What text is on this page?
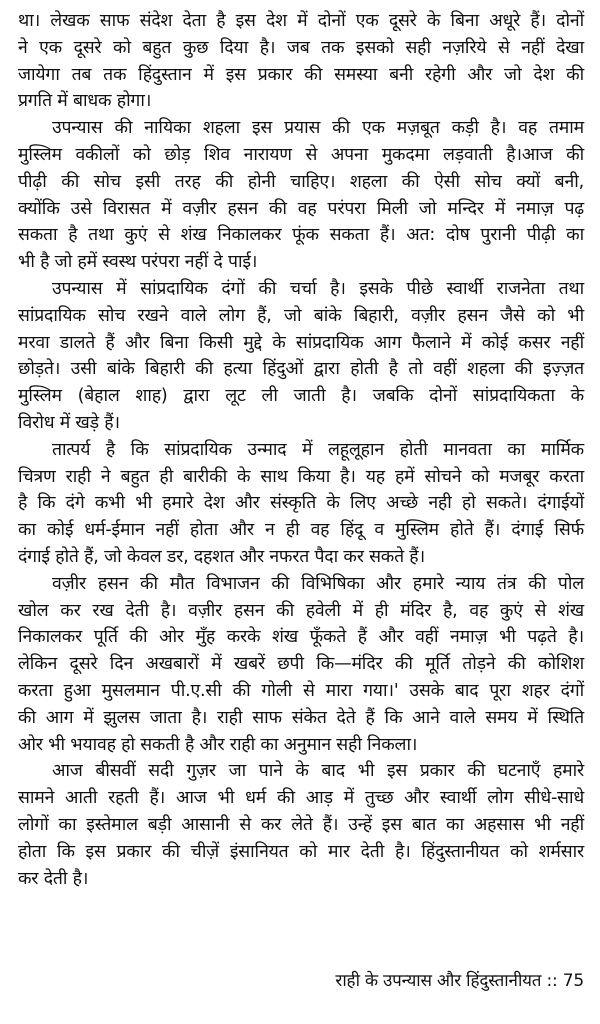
था। लेखक साफ संदेश देता है इस देश में दोनों एक दूसरे के बिना अधूरे हैं। दोनों
ने एक दूसरे को बहुत कुछ दिया है। जब तक इसको सही नज़रिये से नहीं देखा
जायेगा तब तक हिंदुस्तान में इस प्रकार की समस्या बनी रहेगी और जो देश की
प्रगति में बाधक होगा।
उपन्यास की नायिका शहला इस प्रयास की एक मज़बूत कड़ी है। वह तमाम
मुस्लिम वकीलों को छोड़ शिव नारायण से अपना मुकदमा लड़वाती है।आज की
पीढ़ी की सोच इसी तरह की होनी चाहिए। शहला की ऐसी सोच क्यों बनी,
क्योंकि उसे विरासत में वज़ीर हसन की वह परंपरा मिली जो मन्दिर में नमाज़ पढ़
सकता है तथा कुएं से शंख निकालकर फूंक सकता हैं। अत: दोष पुरानी पीढ़ी का
भी है जो हमें स्वस्थ परंपरा नहीं दे पाई।
उपन्यास में सांप्रदायिक दंगों की चर्चा है। इसके पीछे स्वार्थी राजनेता तथा
सांप्रदायिक सोच रखने वाले लोग हैं, जो बांके बिहारी, वज़ीर हसन जैसे को भी
मरवा डालते हैं और बिना किसी मुद्दे के सांप्रदायिक आग फैलाने में कोई कसर नहीं
छोड़ते। उसी बांके बिहारी की हत्या हिंदुओं द्वारा होती है तो वहीं शहला की इज़्ज़त
मुस्लिम (बेहाल शाह) द्वारा लूट ली जाती है। जबकि दोनों सांप्रदायिकता के
विरोध में खड़े हैं।
तात्पर्य है कि सांप्रदायिक उन्माद में लहूलूहान होती मानवता का मार्मिक
चित्रण राही ने बहुत ही बारीकी के साथ किया है। यह हमें सोचने को मजबूर करता
है कि दंगे कभी भी हमारे देश और संस्कृति के लिए अच्छे नही हो सकते। दंगाईयों
का कोई धर्म-ईमान नहीं होता और न ही वह हिंदू व मुस्लिम होते हैं। दंगाई सिर्फ
दंगाई होते हैं, जो केवल डर, दहशत और नफरत पैदा कर सकते हैं।
वज़ीर हसन की मौत विभाजन की विभिषिका और हमारे न्याय तंत्र की पोल
खोल कर रख देती है। वज़ीर हसन की हवेली में ही मंदिर है, वह कुएं से शंख
निकालकर पूर्ति की ओर मुँह करके शंख फूँकते हैं और वहीं नमाज़ भी पढ़ते है।
लेकिन दूसरे दिन अखबारों में खबरें छपी कि—मंदिर की मूर्ति तोड़ने की कोशिश
करता हुआ मुसलमान पी.ए.सी की गोली से मारा गया।' उसके बाद पूरा शहर दंगों
की आग में झुलस जाता है। राही साफ संकेत देते हैं कि आने वाले समय में स्थिति
ओर भी भयावह हो सकती है और राही का अनुमान सही निकला।
आज बीसवीं सदी गुज़र जा पाने के बाद भी इस प्रकार की घटनाएँ हमारे
सामने आती रहती हैं। आज भी धर्म की आड़ में तुच्छ और स्वार्थी लोग सीधे-साधे
लोगों का इस्तेमाल बड़ी आसानी से कर लेते हैं। उन्हें इस बात का अहसास भी नहीं
होता कि इस प्रकार की चीज़ें इंसानियत को मार देती है। हिंदुस्तानीयत को शर्मसार
कर देती है।
राही के उपन्यास और हिंदुस्तानीयत :: 75
